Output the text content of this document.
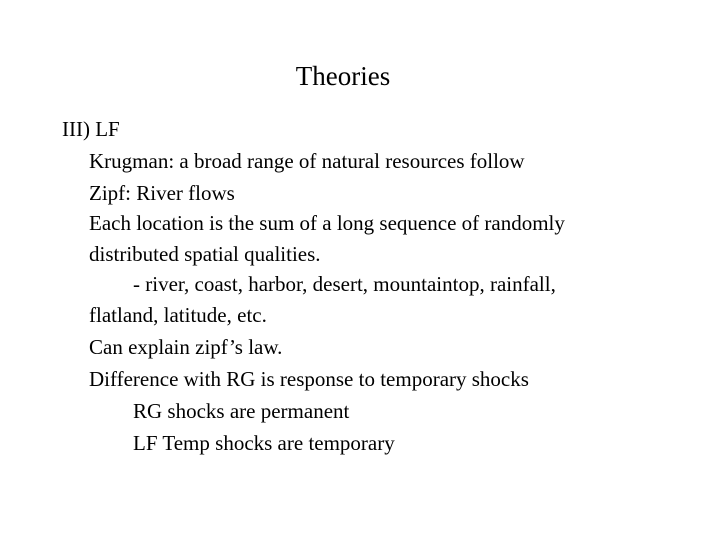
Theories
III) LF
Krugman: a broad range of natural resources follow
Zipf: River flows
Each location is the sum of a long sequence of randomly
distributed spatial qualities.
- river, coast, harbor, desert, mountaintop, rainfall,
flatland, latitude, etc.
Can explain zipf’s law.
Difference with RG is response to temporary shocks
RG shocks are permanent
LF Temp shocks are temporary
